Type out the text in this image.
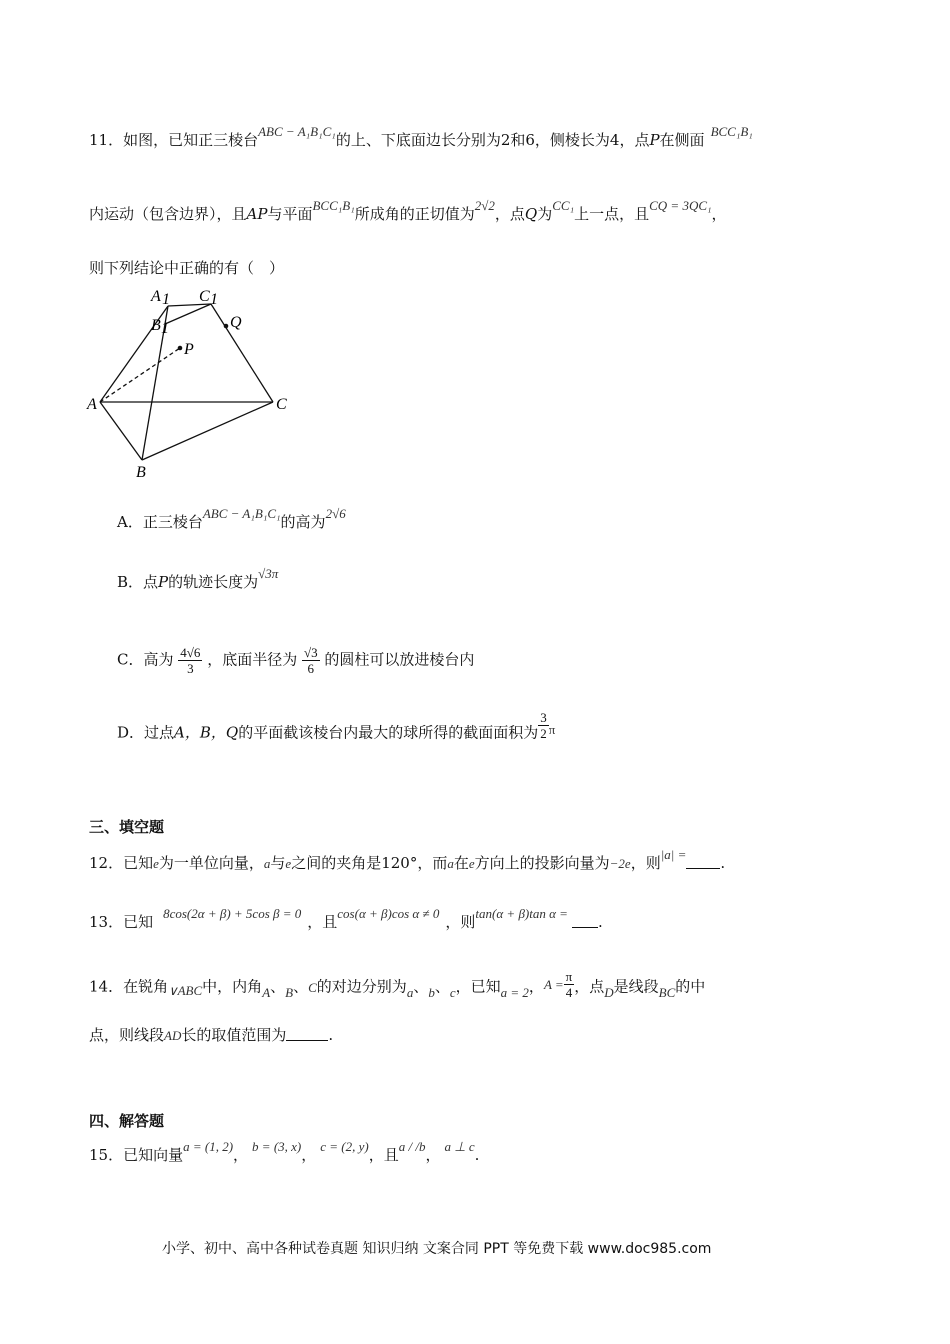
11．如图，已知正三棱台ABC − A₁B₁C₁的上、下底面边长分别为2和6，侧棱长为4，点P在侧面 BCC₁B₁
内运动（包含边界），且AP与平面BCC₁B₁所成角的正切值为2√2，点Q为CC₁上一点，且CQ = 3QC₁，
则下列结论中正确的有（　）
A 1 C 1
B 1	Q
P
A	C
B
A．正三棱台ABC − A₁B₁C₁的高为2√6
B．点P的轨迹长度为√3π
C．高为 $\frac{4√6}{3}$ ，底面半径为 $\frac{√3}{6}$ 的圆柱可以放进棱台内
D．过点A，B，Q的平面截该棱台内最大的球所得的截面面积为 $\frac{3}{2}$ π
三、填空题
12．已知e为一单位向量，a与e之间的夹角是120°，而a在e方向上的投影向量为−2e，则|a| = .
13．已知 8cos(2α + β) + 5cos β = 0 ，且cos(α + β)cos α ≠ 0 ，则tan(α + β)tan α = .
14．在锐角∨ABC中，内角A、B、C的对边分别为a、b、c，已知a = 2，$A = \frac{\pi}{4}$ ，点D是线段BC的中
点，则线段AD长的取值范围为	.
四、解答题
15．已知向量a = (1, 2)， b = (3, x)， c = (2, y)，且a / /b， a ⊥ c.
小学、初中、高中各种试卷真题 知识归纳 文案合同 PPT 等免费下载 www.doc985.com
